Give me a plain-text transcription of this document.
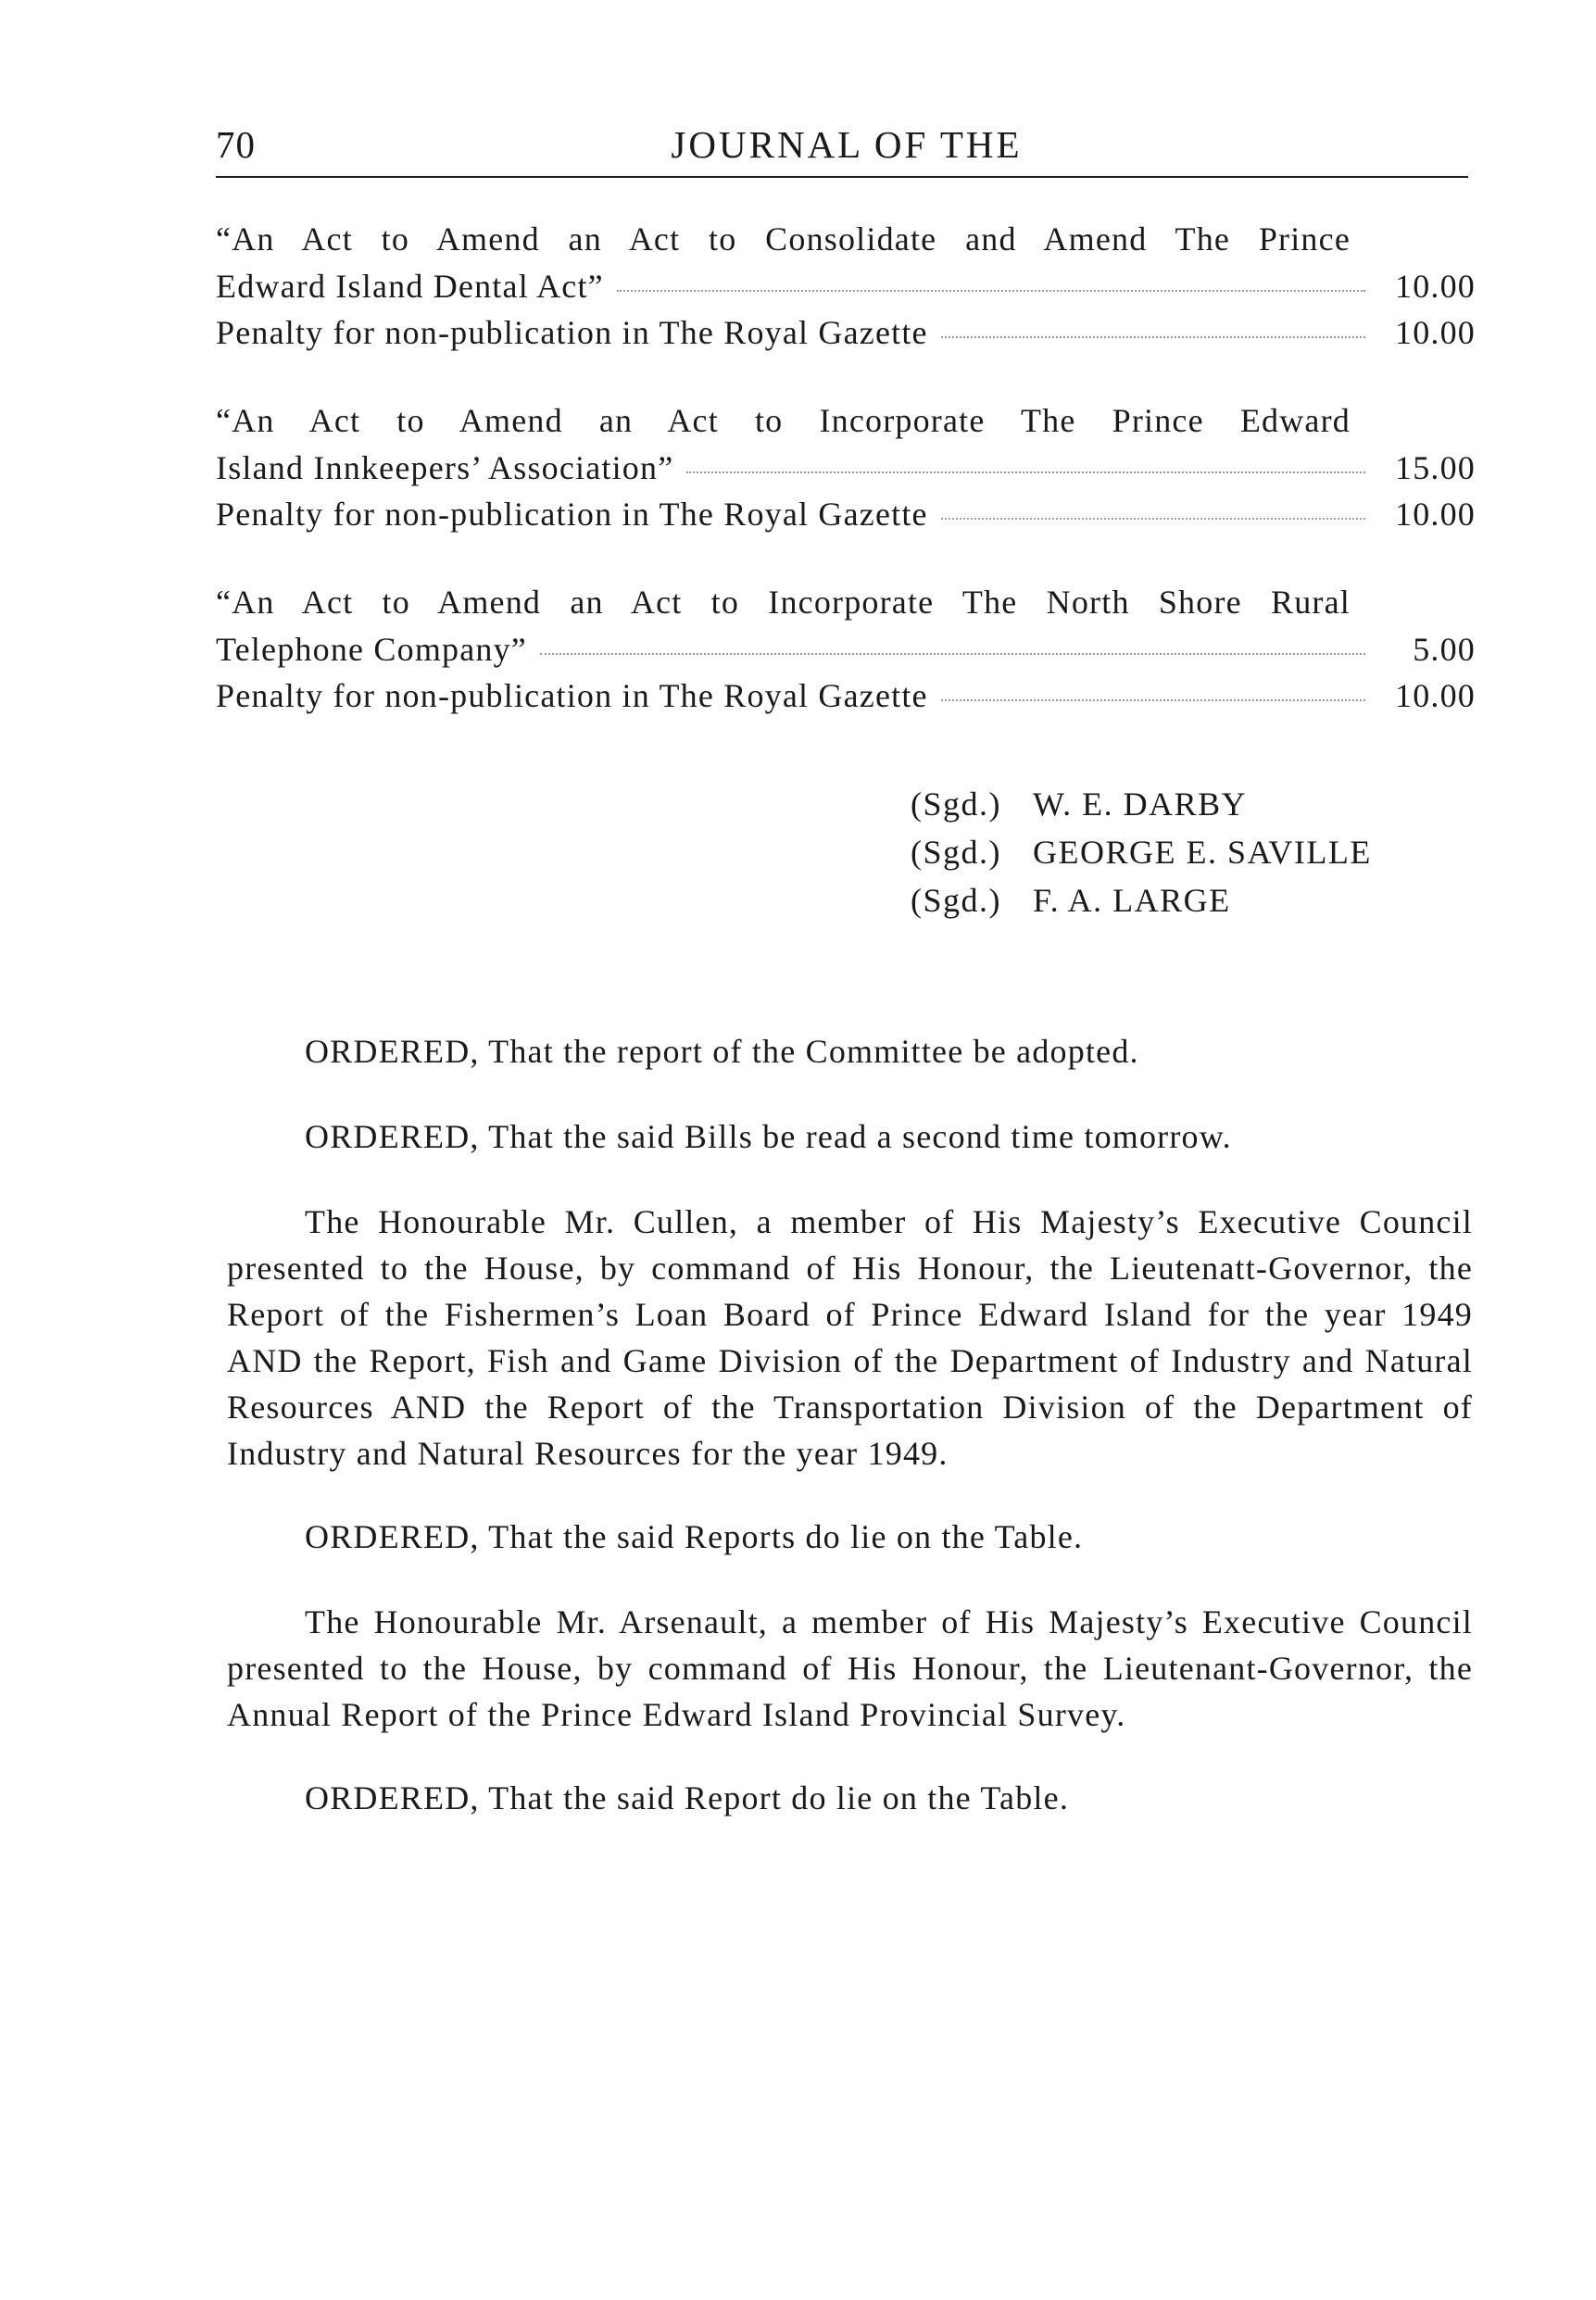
70	JOURNAL OF THE
“An Act to Amend an Act to Consolidate and Amend The Prince
Edward Island Dental Act”	10.00
Penalty for non-publication in The Royal Gazette	10.00
“An Act to Amend an Act to Incorporate The Prince Edward
Island Innkeepers’ Association”	15.00
Penalty for non-publication in The Royal Gazette	10.00
“An Act to Amend an Act to Incorporate The North Shore Rural
Telephone Company”	5.00
Penalty for non-publication in The Royal Gazette	10.00
(Sgd.) W. E. DARBY
(Sgd.) GEORGE E. SAVILLE
(Sgd.) F. A. LARGE

ORDERED, That the report of the Committee be adopted.

ORDERED, That the said Bills be read a second time tomorrow.

The Honourable Mr. Cullen, a member of His Majesty’s Executive Council presented to the House, by command of His Honour, the Lieutenatt-Governor, the Report of the Fishermen’s Loan Board of Prince Edward Island for the year 1949 AND the Report, Fish and Game Division of the Department of Industry and Natural Resources AND the Report of the Transportation Division of the Department of Industry and Natural Resources for the year 1949.

ORDERED, That the said Reports do lie on the Table.

The Honourable Mr. Arsenault, a member of His Majesty’s Executive Council presented to the House, by command of His Honour, the Lieutenant-Governor, the Annual Report of the Prince Edward Island Provincial Survey.

ORDERED, That the said Report do lie on the Table.
